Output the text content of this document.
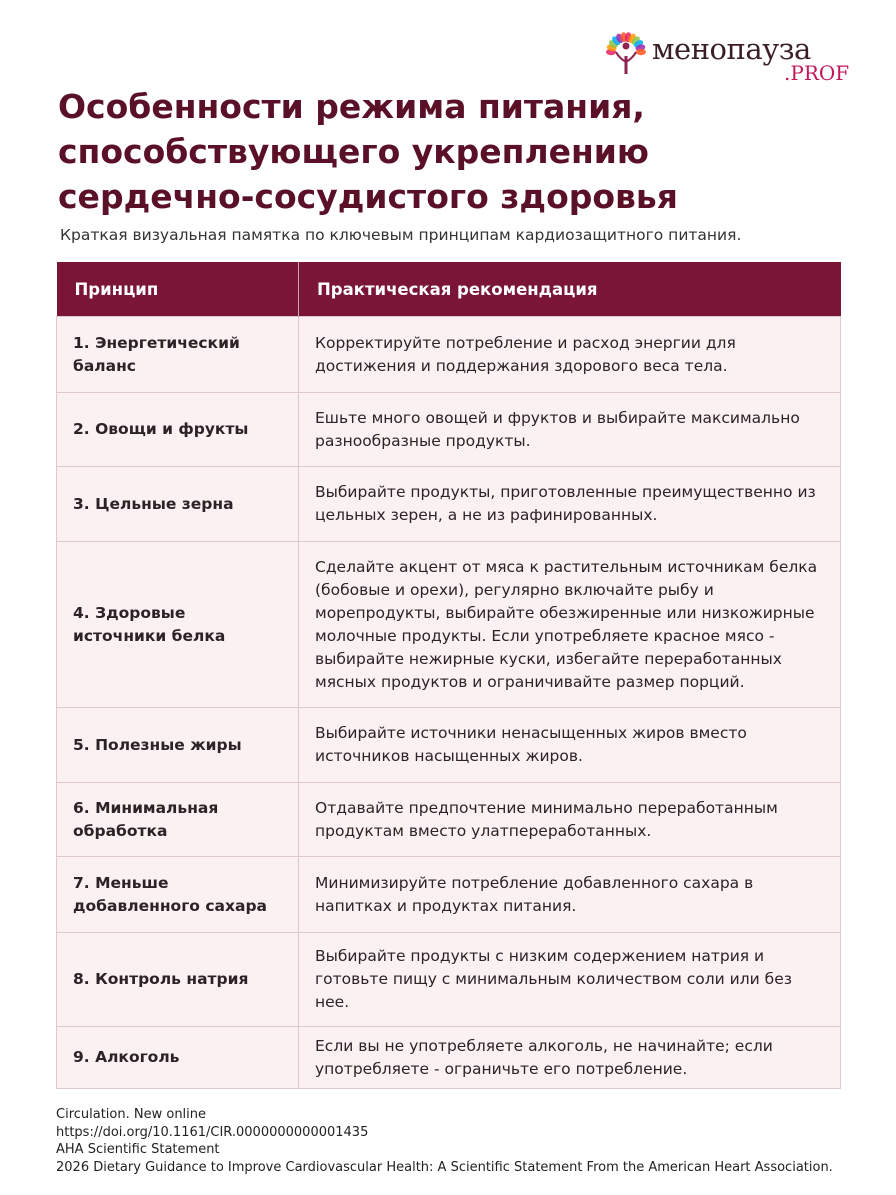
менопауза
.PROF
Особенности режима питания,
способствующего укреплению
сердечно-сосудистого здоровья
Краткая визуальная памятка по ключевым принципам кардиозащитного питания.
Принцип	Практическая рекомендация
1. Энергетический баланс	Корректируйте потребление и расход энергии для достижения и поддержания здорового веса тела.
2. Овощи и фрукты	Ешьте много овощей и фруктов и выбирайте максимально разнообразные продукты.
3. Цельные зерна	Выбирайте продукты, приготовленные преимущественно из цельных зерен, а не из рафинированных.
4. Здоровые источники белка	Сделайте акцент от мяса к растительным источникам белка (бобовые и орехи), регулярно включайте рыбу и морепродукты, выбирайте обезжиренные или низкожирные молочные продукты. Если употребляете красное мясо - выбирайте нежирные куски, избегайте переработанных мясных продуктов и ограничивайте размер порций.
5. Полезные жиры	Выбирайте источники ненасыщенных жиров вместо источников насыщенных жиров.
6. Минимальная обработка	Отдавайте предпочтение минимально переработанным продуктам вместо улатпереработанных.
7. Меньше добавленного сахара	Минимизируйте потребление добавленного сахара в напитках и продуктах питания.
8. Контроль натрия	Выбирайте продукты с низким содержением натрия и готовьте пищу с минимальным количеством соли или без нее.
9. Алкоголь	Если вы не употребляете алкоголь, не начинайте; если употребляете - ограничьте его потребление.
Circulation. New online
https://doi.org/10.1161/CIR.0000000000001435
AHA Scientific Statement
2026 Dietary Guidance to Improve Cardiovascular Health: A Scientific Statement From the American Heart Association.
